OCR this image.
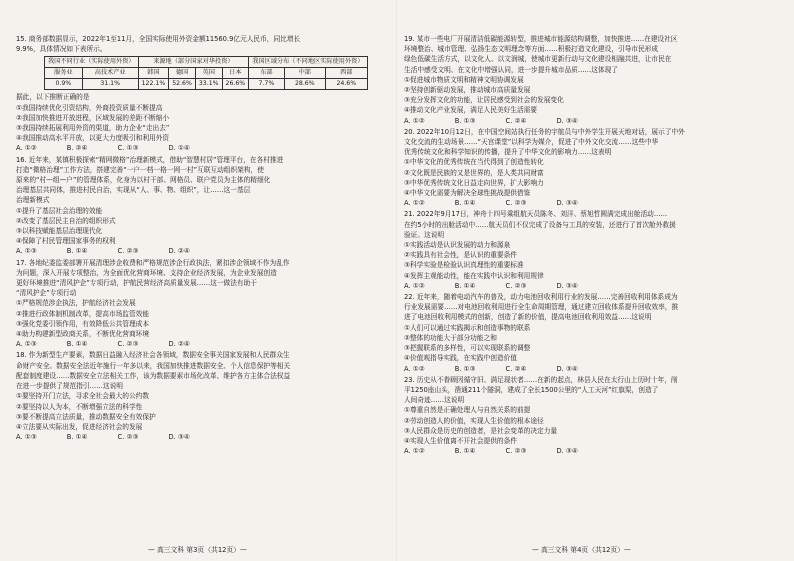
15. 商务部数据显示，2022年1至11月，全国实际使用外资金额11560.9亿元人民币，同比增长
9.9%，具体情况如下表所示。
我国不同行业（实际使用外资）		来源地（部分国家对华投资）				我国区域分布（不同地区实际使用外资）		
服务业	高技术产业	韩国	德国	英国	日本	东部	中部	西部
0.9%	31.1%	122.1%	52.6%	33.1%	26.6%	7.7%	28.6%	24.6%
据此，以下推断正确的是
①我国持续优化引资结构，外商投资质量不断提高
②我国加快推进开放进程，区域发展的差距不断缩小
③我国持续拓展利用外资的渠道，助力企业“走出去”
④我国推动高水平开放，以更大力度吸引和利用外资
A. ①②	B. ②④	C. ①③	D. ①④
16. 近年来，某镇积极探索“精网微格”治理新模式，借助“智慧村居”管理平台，在各村推进
打造“微格治理”工作方法，搭建完善“一户一档一格一网一村”互联互动组织架构，使
原来的“村—组—户”的管理体系，化身为以村干部、网格员、联户党员为主体的精细化
治理基层共同体，推进村民自治，实现从“人、事、物、组织”，让……这一基层
治理新模式
①提升了基层社会治理的效能
②改变了基层民主自治的组织形式
③以科技赋能基层治理现代化
④保障了村民管理国家事务的权利
A. ①③	B. ①④	C. ②③	D. ②④
17. 各地纪委监委部署开展清理涉企收费和严格规范涉企行政执法，紧扣涉企领域不作为乱作
为问题，深入开展专项整治，为全面优化营商环境、支持企业经济发展，为企业发展创造
更好环境推进“清风护企”专项行动，护航民营经济高质量发展……这一做法有助于
“清风护企”专项行动
①严格规范涉企执法，护航经济社会发展
②推进行政体制机制改革，提高市场监管效能
③强化党委引领作用，有效降低公共管理成本
④助力构建新型政商关系，不断优化营商环境
A. ①③	B. ①④	C. ②③	D. ②④
18. 作为新型生产要素，数据日益融入经济社会各领域，数据安全事关国家发展和人民群众生
命财产安全。数据安全法近年施行一年多以来，我国加快推进数据安全、个人信息保护等相关
配套制度建设……数据安全立法相关工作，该为数据要素市场化改革、维护各方主体合法权益
在进一步提供了规范指引……这说明
①要坚持开门立法，寻求全社会最大的公约数
②要坚持以人为本，不断增强立法的科学性
③要不断提高立法质量，推动数据安全有效保护
④立法要从实际出发，促进经济社会的发展
A. ①③	B. ①④	C. ②③	D. ③④
— 高三文科 第3页（共12页）—
19. 某市一些电厂开展清洁低碳能源转型，推进城市能源结构调整，加快推进……在建设社区
环境整治、城市管理、弘扬生态文明理念等方面……积极打造文化建设，引导市民形成
绿色低碳生活方式，以文化人、以文润城，使城市更新行动与文化建设相融共进，让市民在
生活中感受文明、在文化中增强认同，进一步提升城市品质……这体现了
①促进城市物质文明和精神文明协调发展
②坚持创新驱动发展，推动城市高质量发展
③充分发挥文化的功能，让居民感受到社会的发展变化
④推动文化产业发展，满足人民美好生活需要
A. ①②	B. ①③	C. ②④	D. ③④
20. 2022年10月12日，在中国空间站执行任务的宇航员与中外学生开展天地对话，展示了中外
文化交流的生动场景……“天宫课堂”以科学为媒介，促进了中外文化交流……这些中华
优秀传统文化和科学知识的传播，提升了中华文化的影响力……这表明
①中华文化的优秀传统在当代得到了创造性转化
②文化既是民族的又是世界的，是人类共同财富
③中华优秀传统文化日益走向世界，扩大影响力
④中华文化需要为解决全球性挑战提供借鉴
A. ①②	B. ①④	C. ②③	D. ③④
21. 2022年9月17日，神舟十四号乘组航天员陈冬、刘洋、蔡旭哲圆满完成出舱活动……
在约5小时的出舱活动中……航天员们不仅完成了设备与工具的安装，还进行了首次舱外救援
验证。这说明
①实践活动是认识发展的动力和源泉
②实践具有社会性，是认识的重要条件
③科学实验是检验认识真理性的重要标准
④发挥主观能动性，能在实践中认识和利用规律
A. ①②	B. ①④	C. ②③	D. ③④
22. 近年来，随着电动汽车的普及，动力电池回收利用行业的发展……完善回收利用体系成为
行业发展需要……对电池回收利用进行全生命周期管理，通过建立回收体系提升回收效率，推
进了电池回收利用模式的创新，创造了新的价值，提高电池回收利用效益……这说明
①人们可以通过实践揭示和创造事物的联系
②整体的功能大于部分功能之和
③把握联系的多样性，可以实现联系的调整
④价值观指导实践，在实践中创造价值
A. ①②	B. ①③	C. ②④	D. ③④
23. 历史从不眷顾因循守旧、满足现状者……在新的起点，林县人民在太行山上历时十年，削
平1250座山头，凿通211个隧洞，建成了全长1500公里的“人工天河”红旗渠，创造了
人间奇迹……这说明
①尊重自然是正确处理人与自然关系的前提
②劳动创造人的价值，实现人生价值的根本途径
③人民群众是历史的创造者，是社会变革的决定力量
④实现人生价值离不开社会提供的条件
A. ①②	B. ①④	C. ②③	D. ③④
— 高三文科 第4页（共12页）—
